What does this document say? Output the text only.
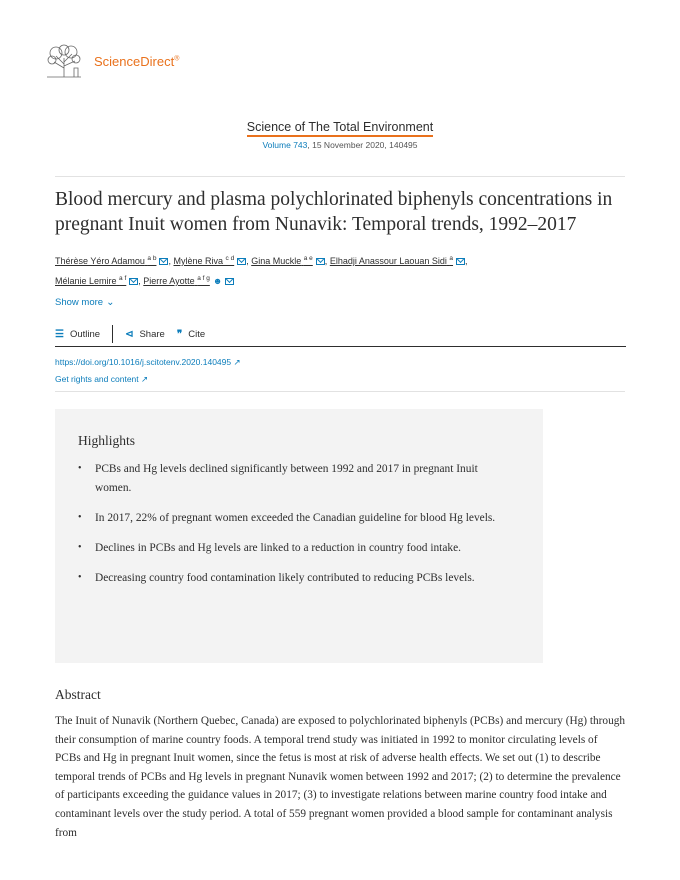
ScienceDirect®
Science of The Total Environment
Volume 743, 15 November 2020, 140495
Blood mercury and plasma polychlorinated biphenyls concentrations in pregnant Inuit women from Nunavik: Temporal trends, 1992–2017
Thérèse Yéro Adamou $^{a b}$ , Mylène Riva $^{c d}$ , Gina Muckle $^{a e}$ , Elhadji Anassour Laouan Sidi $^a$ ,
Mélanie Lemire $^{a f}$ , Pierre Ayotte $^{a f g}$ ☻
Show more ⌄
☰ Outline	⊲ Share ❞ Cite
https://doi.org/10.1016/j.scitotenv.2020.140495 ↗
Get rights and content ↗
Highlights
• PCBs and Hg levels declined significantly between 1992 and 2017 in pregnant Inuit women.
• In 2017, 22% of pregnant women exceeded the Canadian guideline for blood Hg levels.
• Declines in PCBs and Hg levels are linked to a reduction in country food intake.
• Decreasing country food contamination likely contributed to reducing PCBs levels.
Abstract

The Inuit of Nunavik (Northern Quebec, Canada) are exposed to polychlorinated biphenyls (PCBs) and mercury (Hg) through their consumption of marine country foods. A temporal trend study was initiated in 1992 to monitor circulating levels of PCBs and Hg in pregnant Inuit women, since the fetus is most at risk of adverse health effects. We set out (1) to describe temporal trends of PCBs and Hg levels in pregnant Nunavik women between 1992 and 2017; (2) to determine the prevalence of participants exceeding the guidance values in 2017; (3) to investigate relations between marine country food intake and contaminant levels over the study period. A total of 559 pregnant women provided a blood sample for contaminant analysis from
